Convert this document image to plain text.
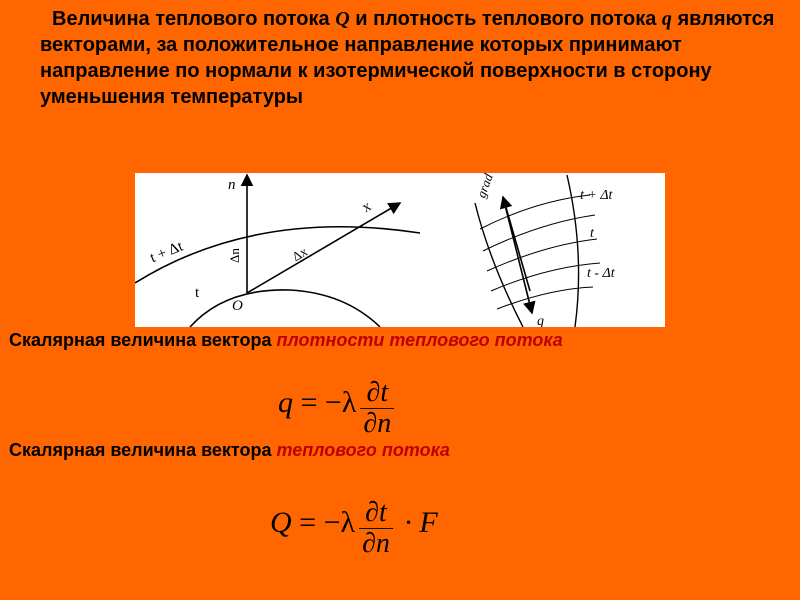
Величина теплового потока Q и плотность теплового потока q являются векторами, за положительное направление которых принимают направление по нормали к изотермической поверхности в сторону уменьшения температуры

n
x
t + Δt
t
Δn	Δx
O
grad t	t + Δt
t
t - Δt
q
Скалярная величина вектора плотности теплового потока
$q = -\lambda \frac{\partial t}{\partial n}$
Скалярная величина вектора теплового потока
$Q = -\lambda \frac{\partial t}{\partial n} \cdot F$
